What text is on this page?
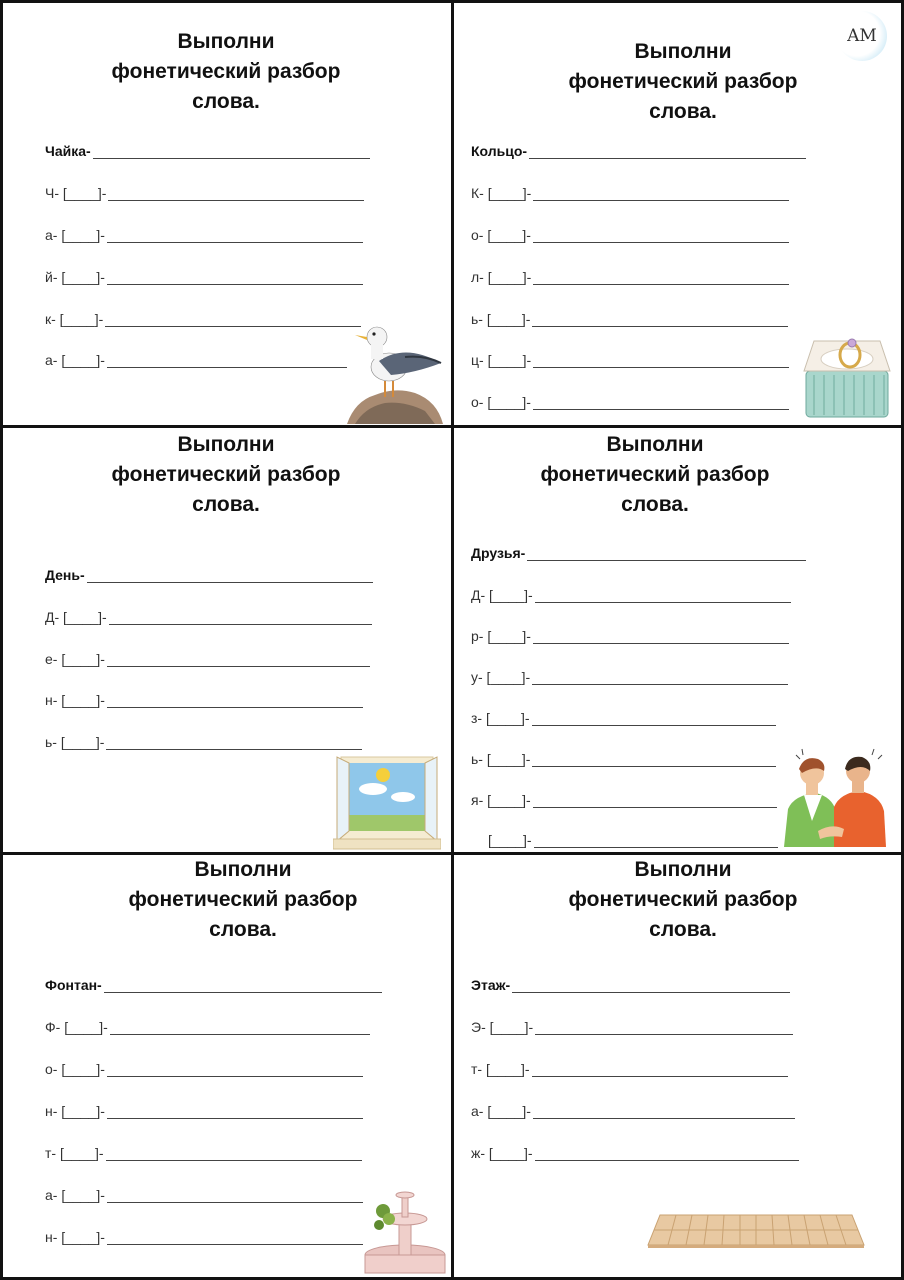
Выполни
фонетический разбор
слова.
Чайка-
Ч- [____]-
а- [____]-
й- [____]-
к- [____]-
а- [____]-
AM
Выполни
фонетический разбор
слова.
Кольцо-
К- [____]-
о- [____]-
л- [____]-
ь- [____]-
ц- [____]-
о- [____]-
Выполни
фонетический разбор
слова.
День-
Д- [____]-
е- [____]-
н- [____]-
ь- [____]-
Выполни
фонетический разбор
слова.
Друзья-
Д- [____]-
р- [____]-
у- [____]-
з- [____]-
ь- [____]-
я- [____]-
[____]-
Выполни
фонетический разбор
слова.
Фонтан-
Ф- [____]-
о- [____]-
н- [____]-
т- [____]-
а- [____]-
н- [____]-
Выполни
фонетический разбор
слова.
Этаж-
Э- [____]-
т- [____]-
а- [____]-
ж- [____]-
